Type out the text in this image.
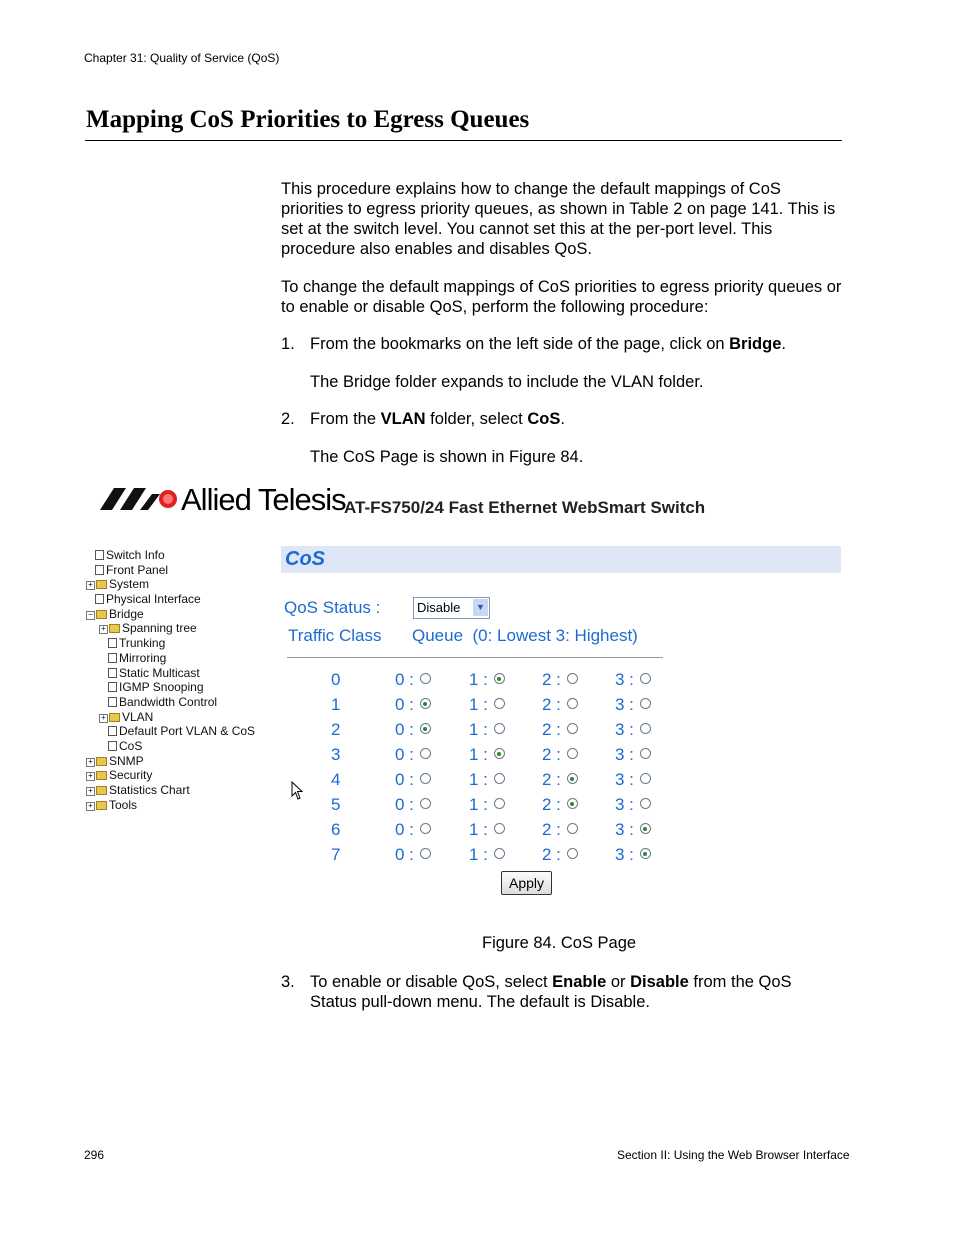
Chapter 31: Quality of Service (QoS)
Mapping CoS Priorities to Egress Queues
This procedure explains how to change the default mappings of CoS priorities to egress priority queues, as shown in Table 2 on page 141. This is set at the switch level. You cannot set this at the per-port level. This procedure also enables and disables QoS.
To change the default mappings of CoS priorities to egress priority queues or to enable or disable QoS, perform the following procedure:
1. From the bookmarks on the left side of the page, click on Bridge.
The Bridge folder expands to include the VLAN folder.
2. From the VLAN folder, select CoS.
The CoS Page is shown in Figure 84.
Allied Telesis
AT-FS750/24 Fast Ethernet WebSmart Switch
Switch Info
Front Panel
+ System
Physical Interface
− Bridge
+ Spanning tree
Trunking
Mirroring
Static Multicast
IGMP Snooping
Bandwidth Control
+ VLAN
Default Port VLAN & CoS
CoS
+ SNMP
+ Security
+ Statistics Chart
+ Tools
CoS
QoS Status :	Disable	▼
Traffic Class Queue  (0: Lowest 3: Highest)
0	0 :	1 :	2 :	3 :
1	0 :	1 :	2 :	3 :
2	0 :	1 :	2 :	3 :
3	0 :	1 :	2 :	3 :
4	0 :	1 :	2 :	3 :
5	0 :	1 :	2 :	3 :
6	0 :	1 :	2 :	3 :
7	0 :	1 :	2 :	3 :
Apply
Figure 84. CoS Page
3. To enable or disable QoS, select Enable or Disable from the QoS Status pull-down menu. The default is Disable.
296	Section II: Using the Web Browser Interface
